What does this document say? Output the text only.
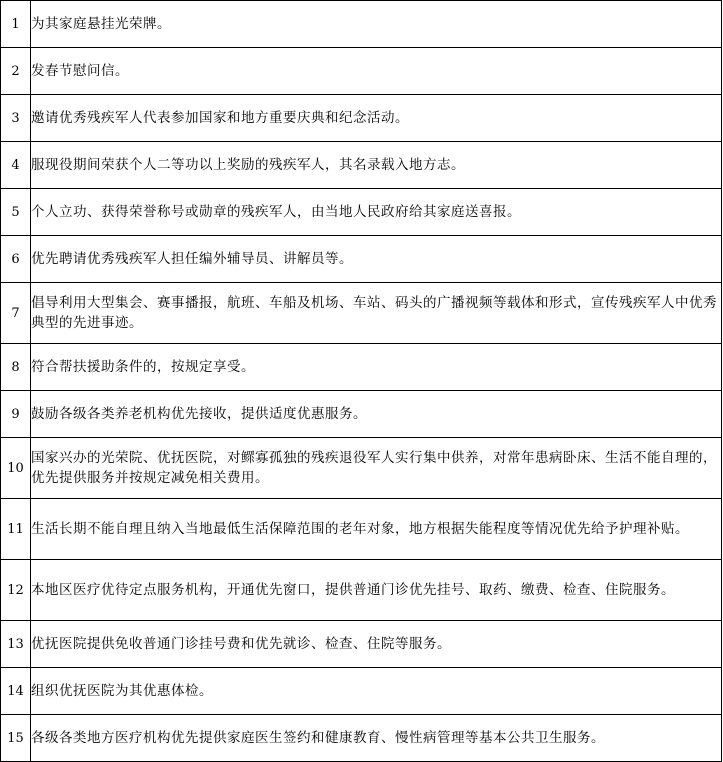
1	为其家庭悬挂光荣牌。
2	发春节慰问信。
3	邀请优秀残疾军人代表参加国家和地方重要庆典和纪念活动。
4	服现役期间荣获个人二等功以上奖励的残疾军人，其名录载入地方志。
5	个人立功、获得荣誉称号或勋章的残疾军人，由当地人民政府给其家庭送喜报。
6	优先聘请优秀残疾军人担任编外辅导员、讲解员等。
7	倡导利用大型集会、赛事播报，航班、车船及机场、车站、码头的广播视频等载体和形式，宣传残疾军人中优秀典型的先进事迹。
8	符合帮扶援助条件的，按规定享受。
9	鼓励各级各类养老机构优先接收，提供适度优惠服务。
10	国家兴办的光荣院、优抚医院，对鳏寡孤独的残疾退役军人实行集中供养，对常年患病卧床、生活不能自理的，优先提供服务并按规定减免相关费用。
11	生活长期不能自理且纳入当地最低生活保障范围的老年对象，地方根据失能程度等情况优先给予护理补贴。
12	本地区医疗优待定点服务机构，开通优先窗口，提供普通门诊优先挂号、取药、缴费、检查、住院服务。
13	优抚医院提供免收普通门诊挂号费和优先就诊、检查、住院等服务。
14	组织优抚医院为其优惠体检。
15	各级各类地方医疗机构优先提供家庭医生签约和健康教育、慢性病管理等基本公共卫生服务。
